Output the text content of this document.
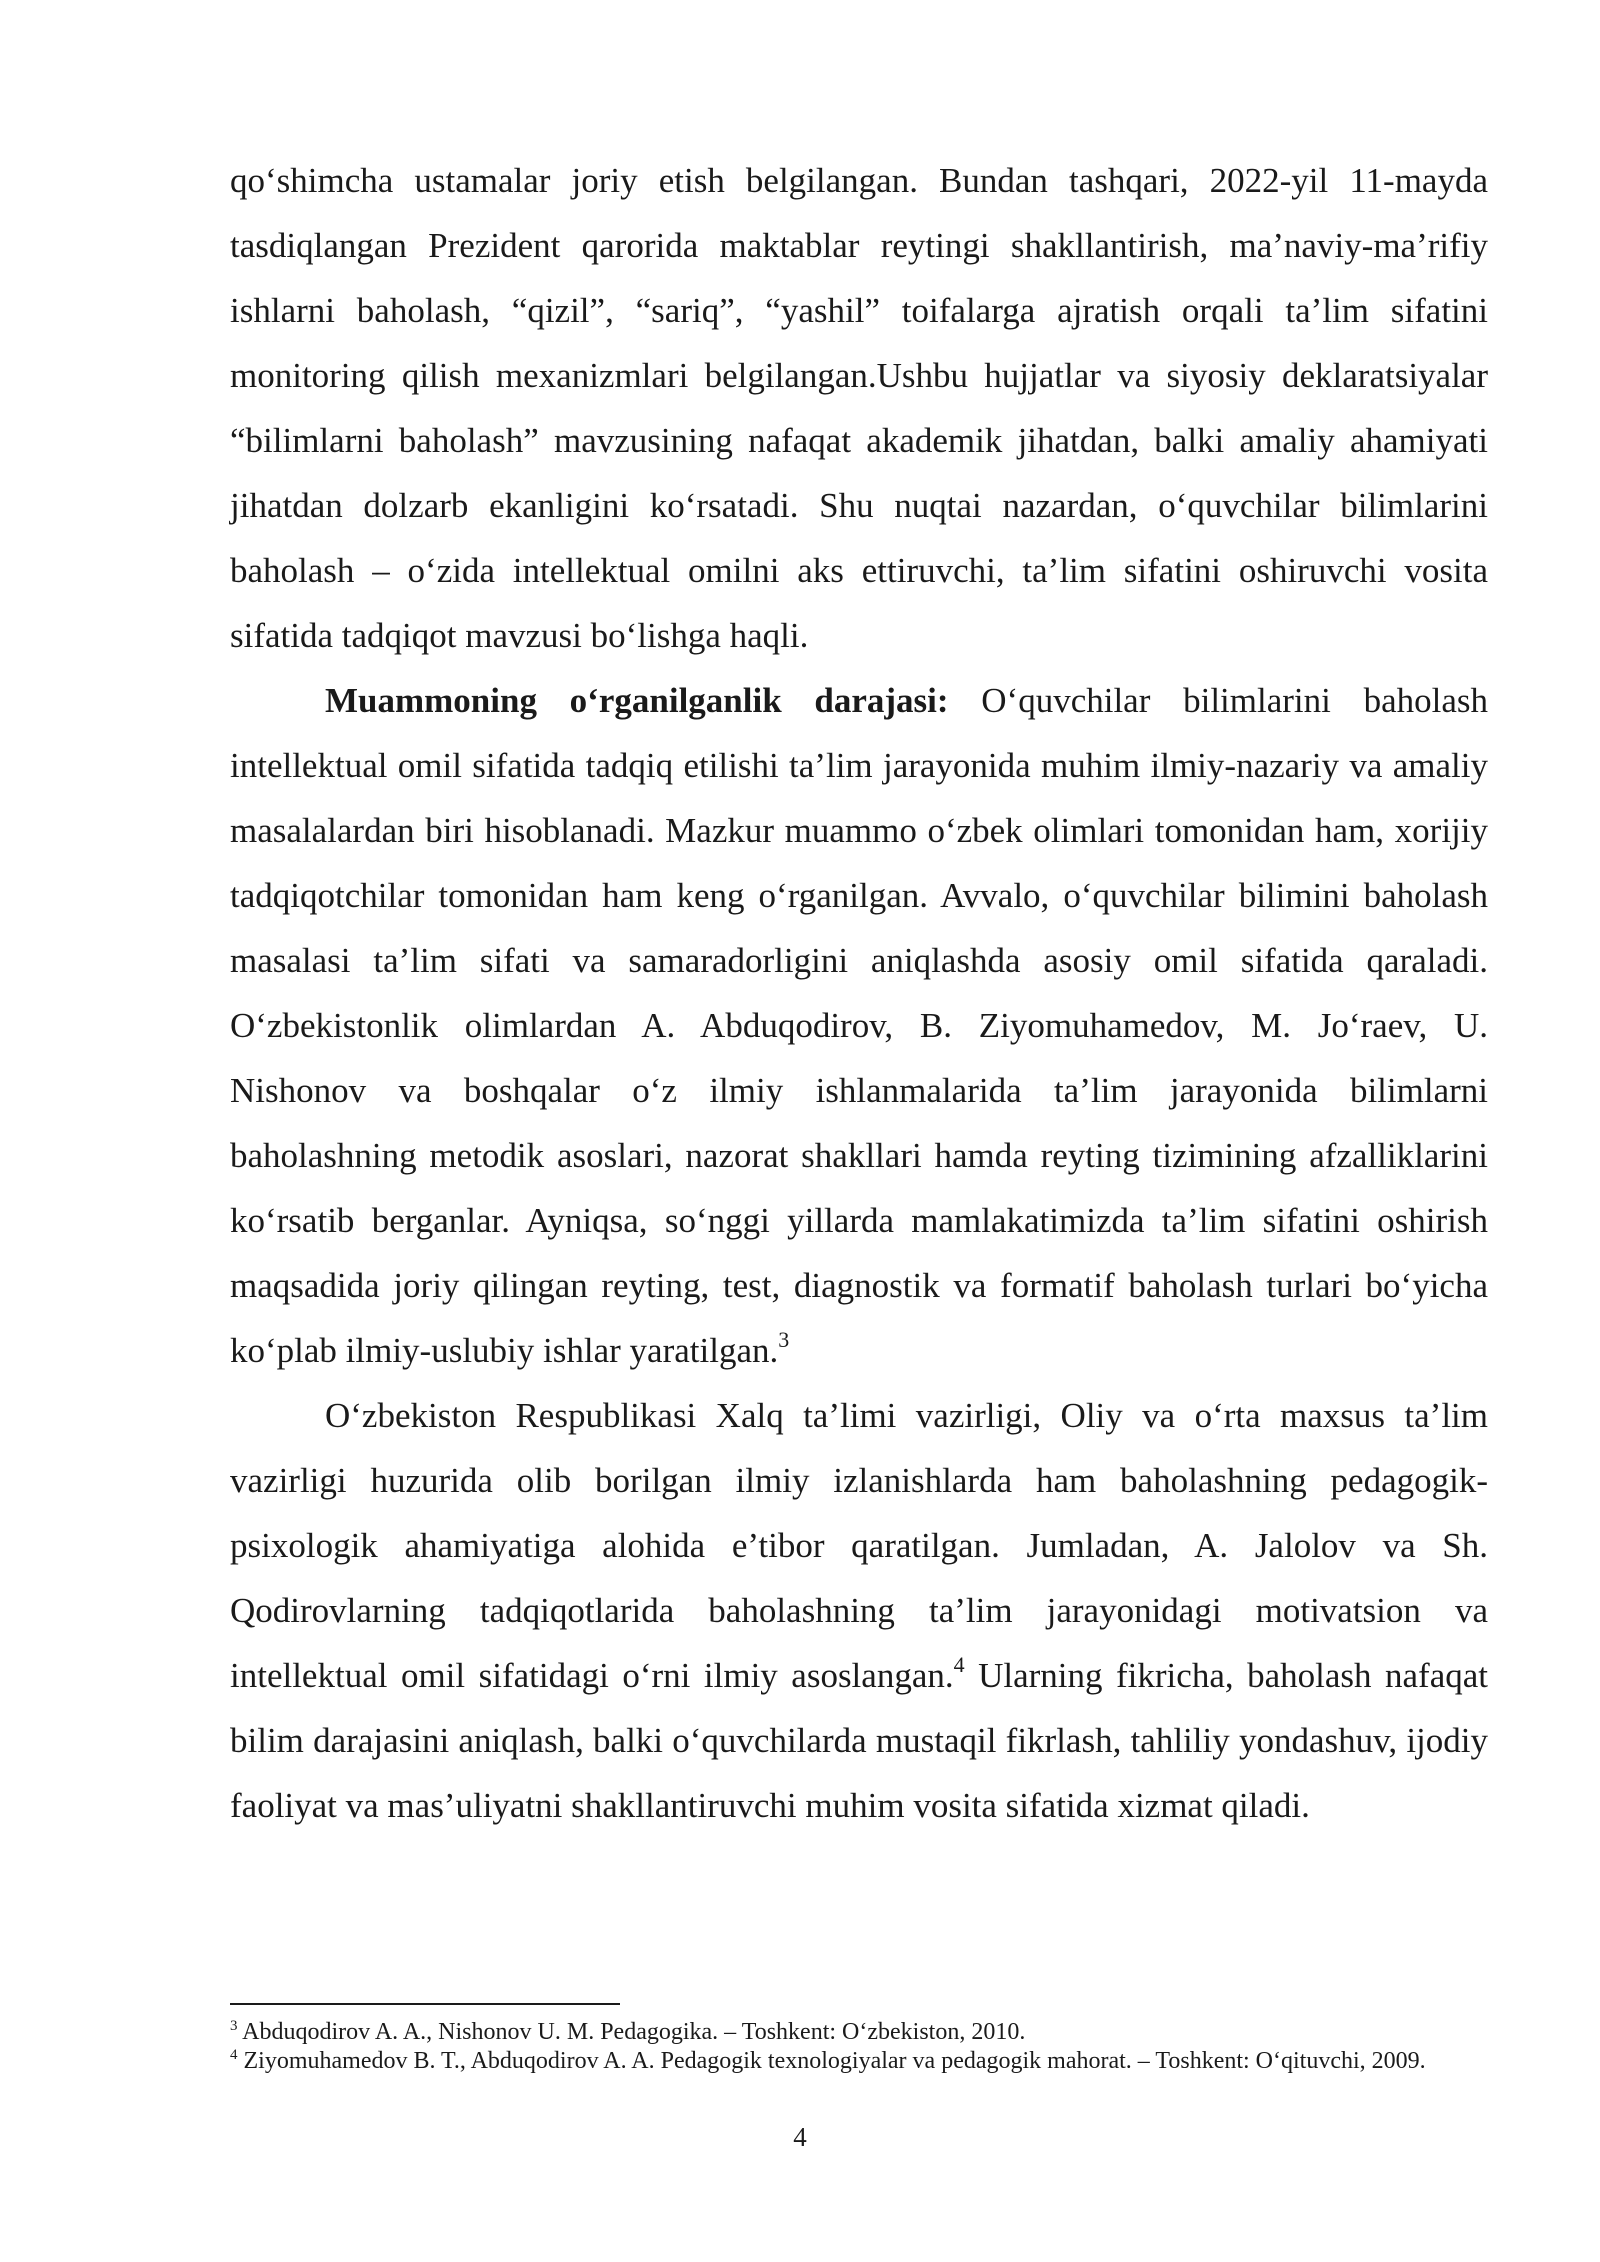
qo‘shimcha ustamalar joriy etish belgilangan. Bundan tashqari, 2022-yil 11-mayda tasdiqlangan Prezident qarorida maktablar reytingi shakllantirish, ma’naviy-ma’rifiy ishlarni baholash, “qizil”, “sariq”, “yashil” toifalarga ajratish orqali ta’lim sifatini monitoring qilish mexanizmlari belgilangan.Ushbu hujjatlar va siyosiy deklaratsiyalar “bilimlarni baholash” mavzusining nafaqat akademik jihatdan, balki amaliy ahamiyati jihatdan dolzarb ekanligini ko‘rsatadi. Shu nuqtai nazardan, o‘quvchilar bilimlarini baholash – o‘zida intellektual omilni aks ettiruvchi, ta’lim sifatini oshiruvchi vosita sifatida tadqiqot mavzusi bo‘lishga haqli.

Muammoning o‘rganilganlik darajasi: O‘quvchilar bilimlarini baholash intellektual omil sifatida tadqiq etilishi ta’lim jarayonida muhim ilmiy-nazariy va amaliy masalalardan biri hisoblanadi. Mazkur muammo o‘zbek olimlari tomonidan ham, xorijiy tadqiqotchilar tomonidan ham keng o‘rganilgan. Avvalo, o‘quvchilar bilimini baholash masalasi ta’lim sifati va samaradorligini aniqlashda asosiy omil sifatida qaraladi. O‘zbekistonlik olimlardan A. Abduqodirov, B. Ziyomuhamedov, M. Jo‘raev, U. Nishonov va boshqalar o‘z ilmiy ishlanmalarida ta’lim jarayonida bilimlarni baholashning metodik asoslari, nazorat shakllari hamda reyting tizimining afzalliklarini ko‘rsatib berganlar. Ayniqsa, so‘nggi yillarda mamlakatimizda ta’lim sifatini oshirish maqsadida joriy qilingan reyting, test, diagnostik va formatif baholash turlari bo‘yicha ko‘plab ilmiy-uslubiy ishlar yaratilgan.$^3$

O‘zbekiston Respublikasi Xalq ta’limi vazirligi, Oliy va o‘rta maxsus ta’lim vazirligi huzurida olib borilgan ilmiy izlanishlarda ham baholashning pedagogik-psixologik ahamiyatiga alohida e’tibor qaratilgan. Jumladan, A. Jalolov va Sh. Qodirovlarning tadqiqotlarida baholashning ta’lim jarayonidagi motivatsion va intellektual omil sifatidagi o‘rni ilmiy asoslangan.$^4$ Ularning fikricha, baholash nafaqat bilim darajasini aniqlash, balki o‘quvchilarda mustaqil fikrlash, tahliliy yondashuv, ijodiy faoliyat va mas’uliyatni shakllantiruvchi muhim vosita sifatida xizmat qiladi.

$^3$ Abduqodirov A. A., Nishonov U. M. Pedagogika. – Toshkent: O‘zbekiston, 2010.

$^4$ Ziyomuhamedov B. T., Abduqodirov A. A. Pedagogik texnologiyalar va pedagogik mahorat. – Toshkent: O‘qituvchi, 2009.

4
